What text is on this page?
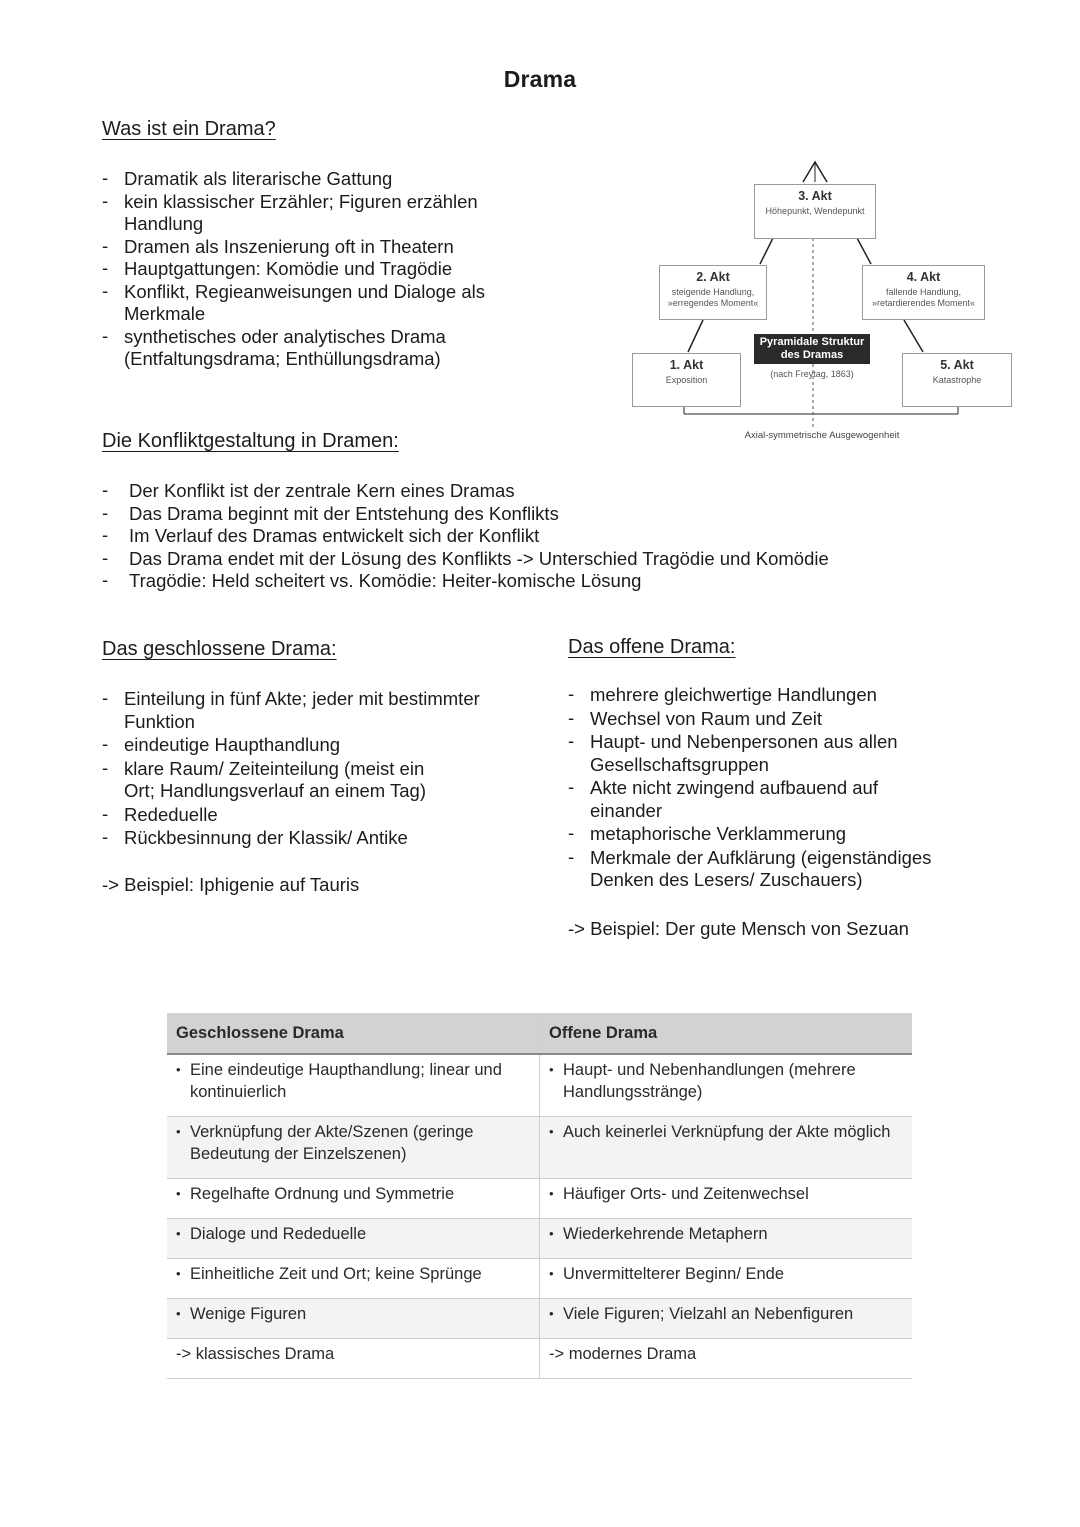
Drama
Was ist ein Drama?
- Dramatik als literarische Gattung
- kein klassischer Erzähler; Figuren erzählen Handlung
- Dramen als Inszenierung oft in Theatern
- Hauptgattungen: Komödie und Tragödie
- Konflikt, Regieanweisungen und Dialoge als Merkmale
- synthetisches oder analytisches Drama (Entfaltungsdrama; Enthüllungsdrama)
3. Akt
Höhepunkt, Wendepunkt
2. Akt
steigende Handlung, »erregendes Moment«
4. Akt
fallende Handlung, »retardierendes Moment«
1. Akt
Exposition
5. Akt
Katastrophe
Pyramidale Struktur des Dramas
(nach Freytag, 1863)
Axial-symmetrische Ausgewogenheit
Die Konfliktgestaltung in Dramen:
- Der Konflikt ist der zentrale Kern eines Dramas
- Das Drama beginnt mit der Entstehung des Konflikts
- Im Verlauf des Dramas entwickelt sich der Konflikt
- Das Drama endet mit der Lösung des Konflikts -> Unterschied Tragödie und Komödie
- Tragödie: Held scheitert vs. Komödie: Heiter-komische Lösung
Das geschlossene Drama:
- Einteilung in fünf Akte; jeder mit bestimmter Funktion
- eindeutige Haupthandlung
- klare Raum/ Zeiteinteilung (meist ein Ort; Handlungsverlauf an einem Tag)
- Rededuelle
- Rückbesinnung der Klassik/ Antike
-> Beispiel: Iphigenie auf Tauris
Das offene Drama:
- mehrere gleichwertige Handlungen
- Wechsel von Raum und Zeit
- Haupt- und Nebenpersonen aus allen Gesellschaftsgruppen
- Akte nicht zwingend aufbauend auf einander
- metaphorische Verklammerung
- Merkmale der Aufklärung (eigenständiges Denken des Lesers/ Zuschauers)
-> Beispiel: Der gute Mensch von Sezuan
Geschlossene Drama	Offene Drama

• Eine eindeutige Haupthandlung; linear und kontinuierlich	• Haupt- und Nebenhandlungen (mehrere Handlungsstränge)

• Verknüpfung der Akte/Szenen (geringe Bedeutung der Einzelszenen)	• Auch keinerlei Verknüpfung der Akte möglich

• Regelhafte Ordnung und Symmetrie	• Häufiger Orts- und Zeitenwechsel

• Dialoge und Rededuelle	• Wiederkehrende Metaphern

• Einheitliche Zeit und Ort; keine Sprünge	• Unvermittelterer Beginn/ Ende

• Wenige Figuren	• Viele Figuren; Vielzahl an Nebenfiguren

-> klassisches Drama	-> modernes Drama
